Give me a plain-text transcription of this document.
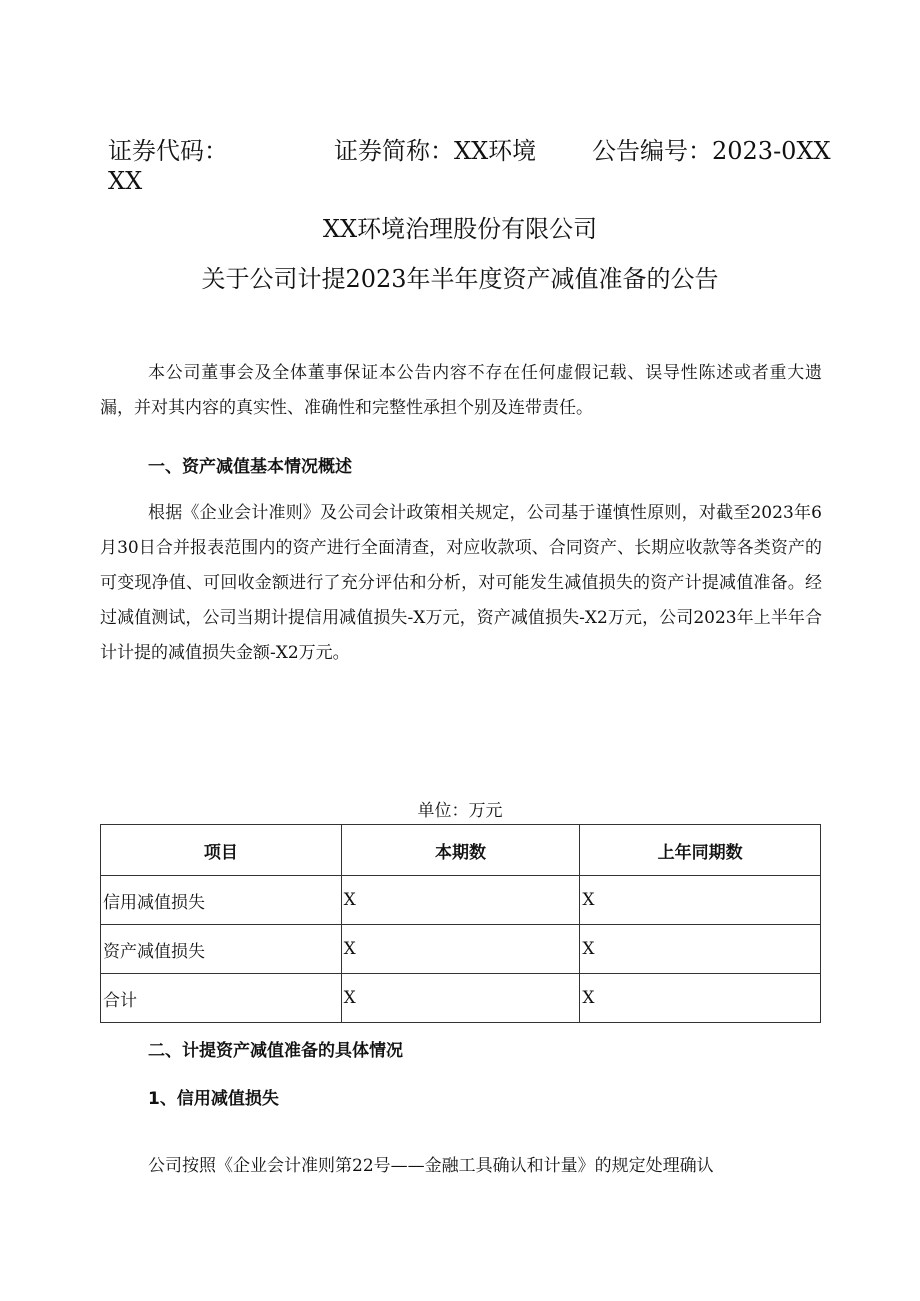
证券代码：	证券简称：XX环境 公告编号：2023-0XX
XX
XX环境治理股份有限公司
关于公司计提2023年半年度资产减值准备的公告

本公司董事会及全体董事保证本公告内容不存在任何虚假记载、误导性陈述或者重大遗漏，并对其内容的真实性、准确性和完整性承担个别及连带责任。

一、资产减值基本情况概述

根据《企业会计准则》及公司会计政策相关规定，公司基于谨慎性原则，对截至2023年6月30日合并报表范围内的资产进行全面清查，对应收款项、合同资产、长期应收款等各类资产的可变现净值、可回收金额进行了充分评估和分析，对可能发生减值损失的资产计提减值准备。经过减值测试，公司当期计提信用减值损失-X万元，资产减值损失-X2万元，公司2023年上半年合计计提的减值损失金额-X2万元。

单位：万元
项目	本期数	上年同期数
信用减值损失	X	X
资产减值损失	X	X
合计	X	X
二、计提资产减值准备的具体情况
1、信用减值损失

公司按照《企业会计准则第22号——金融工具确认和计量》的规定处理确认
